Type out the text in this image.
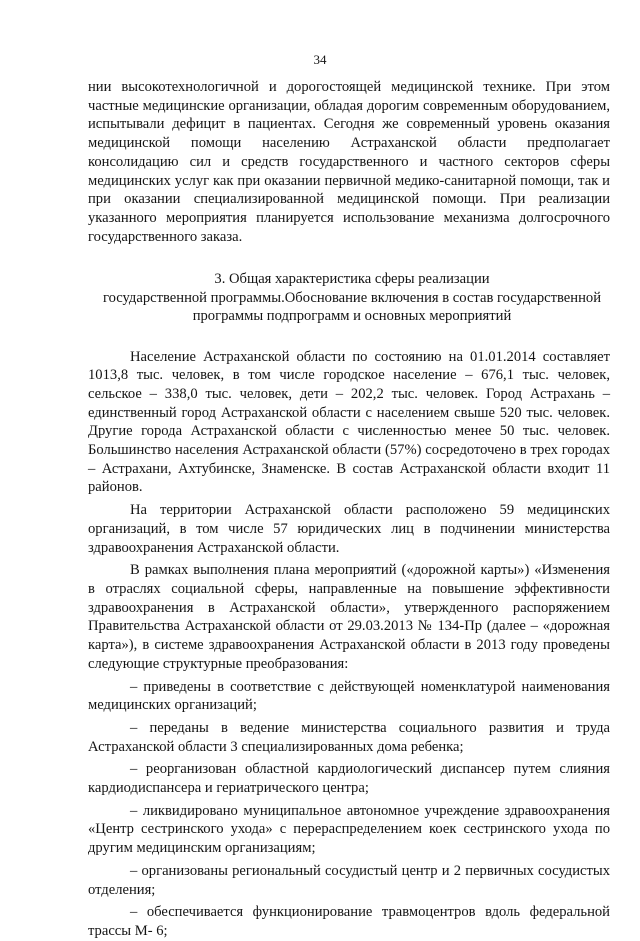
34

нии высокотехнологичной и дорогостоящей медицинской технике. При этом частные медицинские организации, обладая дорогим современным оборудованием, испытывали дефицит в пациентах. Сегодня же современный уровень оказания медицинской помощи населению Астраханской области предполагает консолидацию сил и средств государственного и частного секторов сферы медицинских услуг как при оказании первичной медико-санитарной помощи, так и при оказании специализированной медицинской помощи. При реализации указанного мероприятия планируется использование механизма долгосрочного государственного заказа.

3. Общая характеристика сферы реализации
государственной программы.Обоснование включения в состав государственной программы подпрограмм и основных мероприятий

Население Астраханской области по состоянию на 01.01.2014 составляет 1013,8 тыс. человек, в том числе городское население – 676,1 тыс. человек, сельское – 338,0 тыс. человек, дети – 202,2 тыс. человек. Город Астрахань – единственный город Астраханской области с населением свыше 520 тыс. человек. Другие города Астраханской области с численностью менее 50 тыс. человек. Большинство населения Астраханской области (57%) сосредоточено в трех городах – Астрахани, Ахтубинске, Знаменске. В состав Астраханской области входит 11 районов.

На территории Астраханской области расположено 59 медицинских организаций, в том числе 57 юридических лиц в подчинении министерства здравоохранения Астраханской области.

В рамках выполнения плана мероприятий («дорожной карты») «Изменения в отраслях социальной сферы, направленные на повышение эффективности здравоохранения в Астраханской области», утвержденного распоряжением Правительства Астраханской области от 29.03.2013 № 134-Пр (далее – «дорожная карта»), в системе здравоохранения Астраханской области в 2013 году проведены следующие структурные преобразования:

– приведены в соответствие с действующей номенклатурой наименования медицинских организаций;

– переданы в ведение министерства социального развития и труда Астраханской области 3 специализированных дома ребенка;

– реорганизован областной кардиологический диспансер путем слияния кардиодиспансера и гериатрического центра;

– ликвидировано муниципальное автономное учреждение здравоохранения «Центр сестринского ухода» с перераспределением коек сестринского ухода по другим медицинским организациям;

– организованы региональный сосудистый центр и 2 первичных сосудистых отделения;

– обеспечивается функционирование травмоцентров вдоль федеральной трассы М- 6;
